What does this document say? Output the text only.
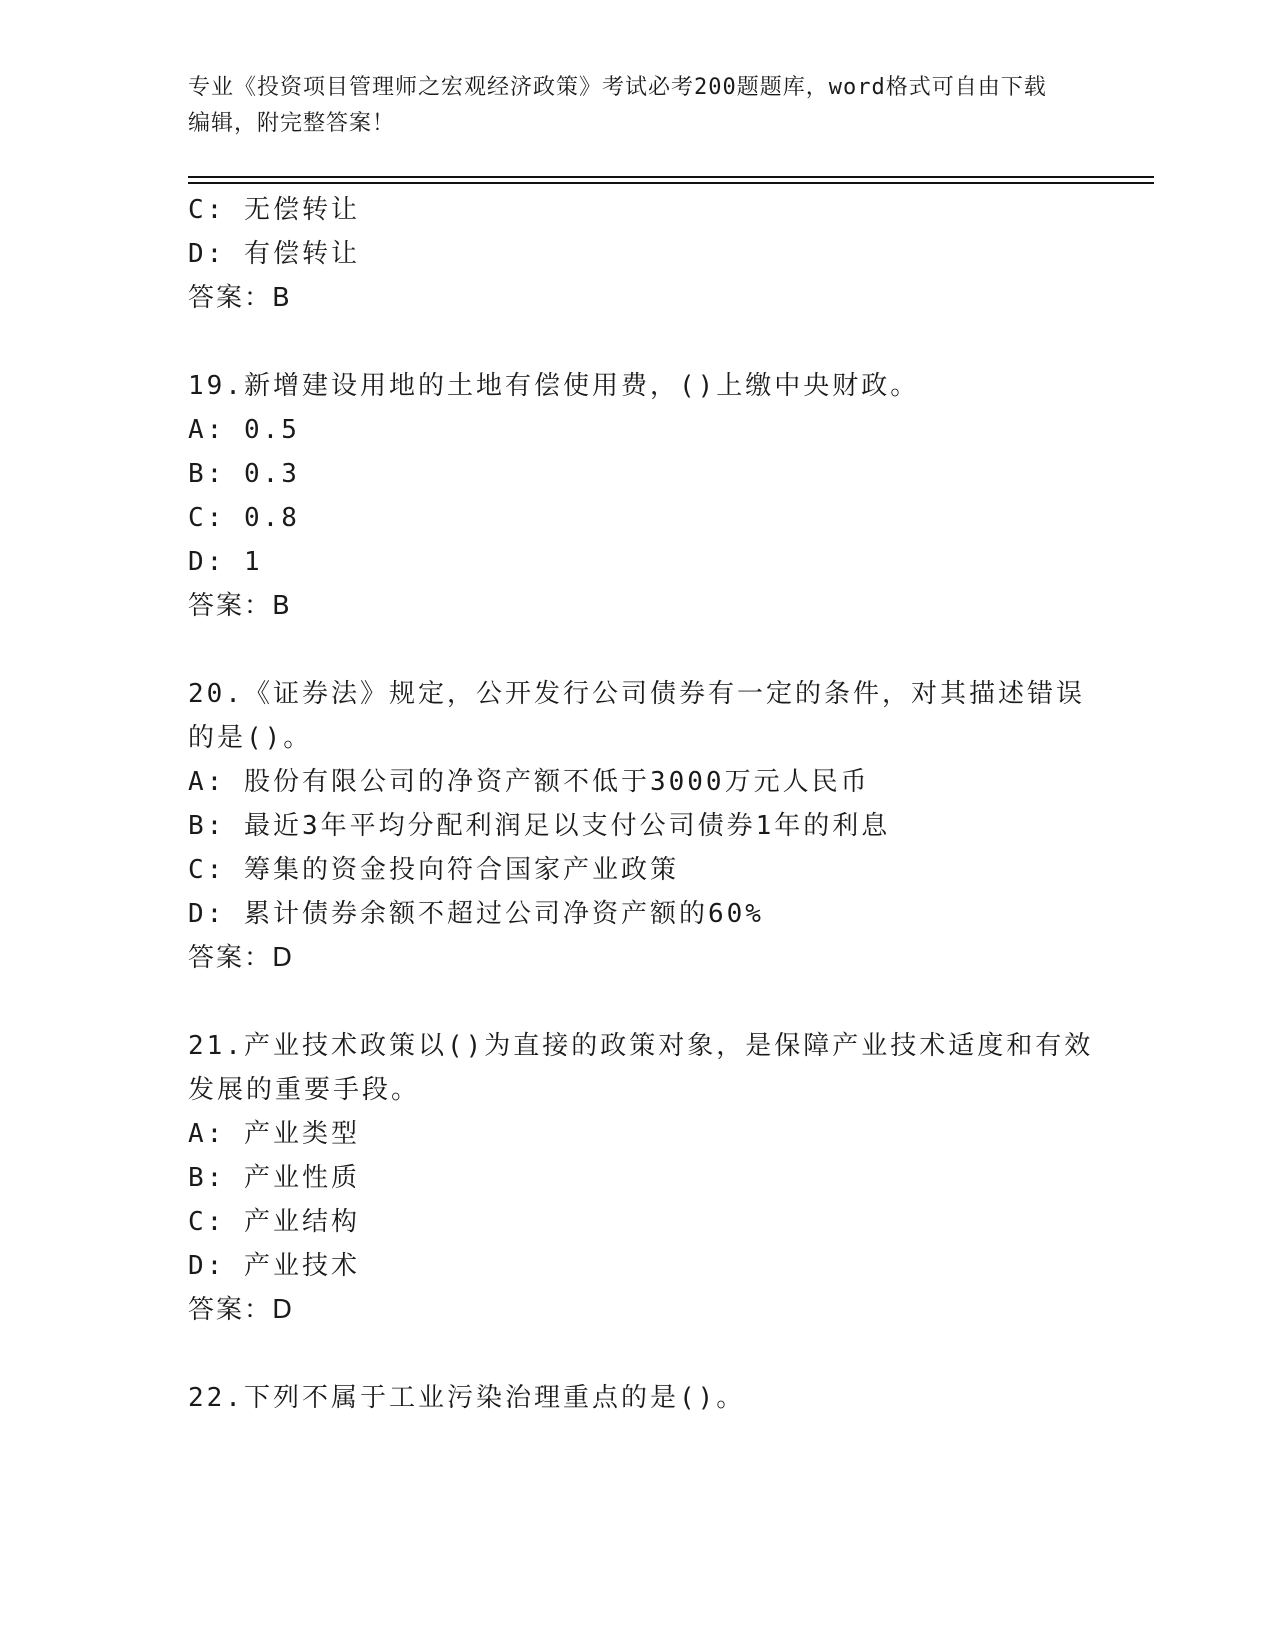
专业《投资项目管理师之宏观经济政策》考试必考200题题库，word格式可自由下载编辑，附完整答案！
C: 无偿转让
D: 有偿转让
答案：B
19.新增建设用地的土地有偿使用费，()上缴中央财政。
A: 0.5
B: 0.3
C: 0.8
D: 1
答案：B
20.《证券法》规定，公开发行公司债券有一定的条件，对其描述错误
的是()。
A: 股份有限公司的净资产额不低于3000万元人民币
B: 最近3年平均分配利润足以支付公司债券1年的利息
C: 筹集的资金投向符合国家产业政策
D: 累计债券余额不超过公司净资产额的60%
答案：D
21.产业技术政策以()为直接的政策对象，是保障产业技术适度和有效
发展的重要手段。
A: 产业类型
B: 产业性质
C: 产业结构
D: 产业技术
答案：D
22.下列不属于工业污染治理重点的是()。
